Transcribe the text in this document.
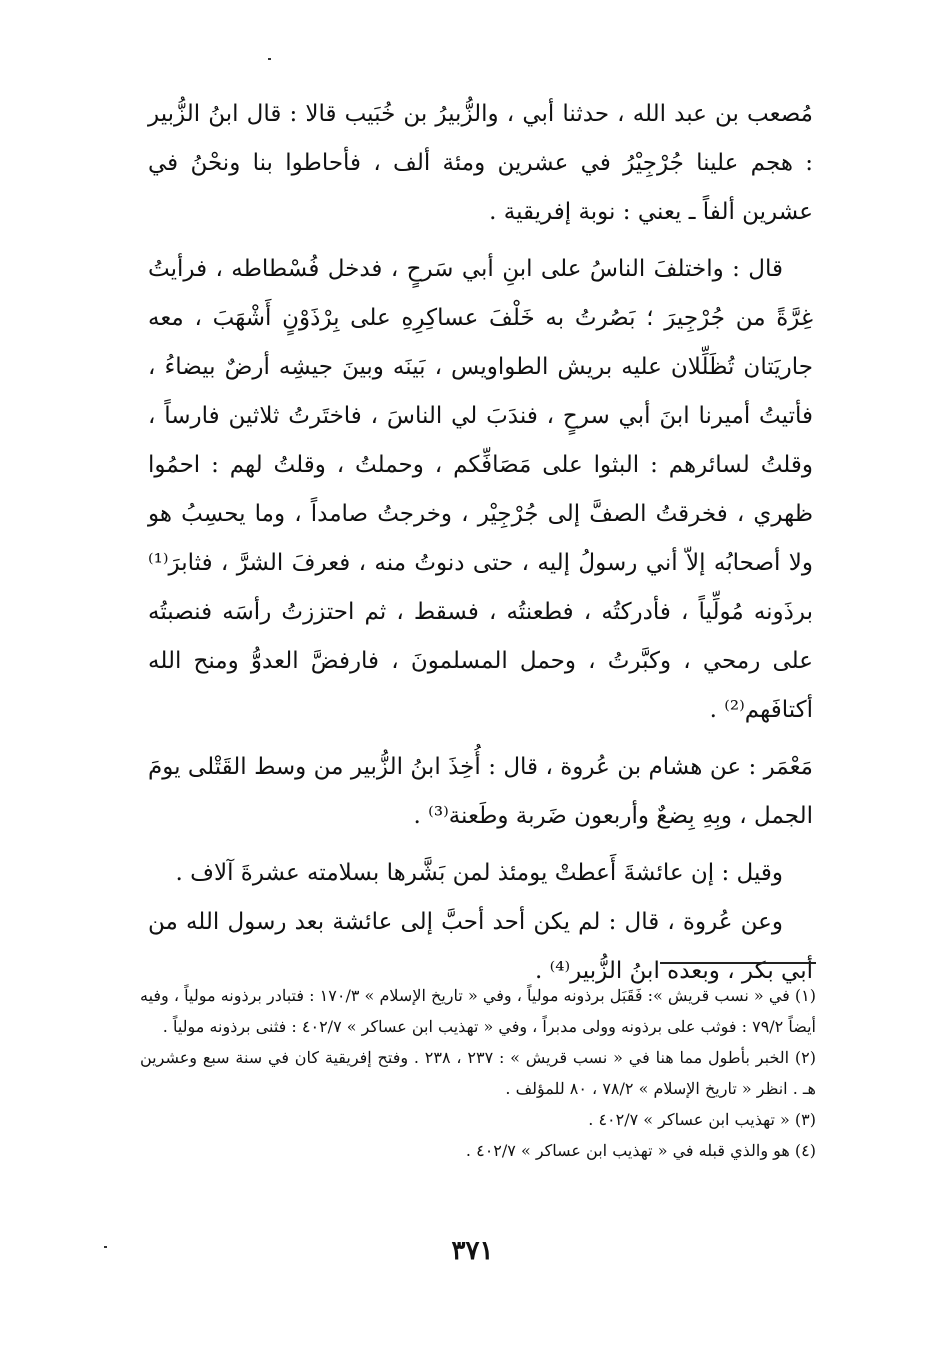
مُصعب بن عبد الله ، حدثنا أبي ، والزُّبيرُ بن خُبَيب قالا : قال ابنُ الزُّبير : هجم علينا جُرْجِيْرُ في عشرين ومئة ألف ، فأحاطوا بنا ونحْنُ في عشرين ألفاً ـ يعني : نوبة إفريقية .

قال : واختلفَ الناسُ على ابنِ أبي سَرحٍ ، فدخل فُسْطاطه ، فرأيتُ غِرَّةً من جُرْجِيرَ ؛ بَصُرتُ به خَلْفَ عساكِرِهِ على بِرْذَوْنٍ أَشْهَبَ ، معه جاريَتان تُظَلِّلان عليه بريش الطواويس ، بَينَه وبينَ جيشِه أرضٌ بيضاءُ ، فأتيتُ أميرنا ابنَ أبي سرحٍ ، فندَبَ لي الناسَ ، فاختَرتُ ثلاثين فارساً ، وقلتُ لسائرهم : البثوا على مَصَافِّكم ، وحملتُ ، وقلتُ لهم : احمُوا ظهري ، فخرقتُ الصفَّ إلى جُرْجِيْر ، وخرجتُ صامداً ، وما يحسِبُ هو ولا أصحابُه إلاّ أني رسولُ إليه ، حتى دنوتُ منه ، فعرفَ الشرَّ ، فثابرَ⁽¹⁾ برذَونه مُولِّياً ، فأدركتُه ، فطعنتُه ، فسقط ، ثم احتززتُ رأسَه فنصبتُه على رمحي ، وكبَّرتُ ، وحمل المسلمونَ ، فارفضَّ العدوُّ ومنح الله أكتافَهم⁽²⁾ .

مَعْمَر : عن هشام بن عُروة ، قال : أُخِذَ ابنُ الزُّبير من وسط القَتْلى يومَ الجمل ، وبِهِ بِضعٌ وأربعون ضَربة وطَعنة⁽³⁾ .

وقيل : إن عائشةَ أَعطتْ يومئذ لمن بَشَّرها بسلامته عشرةَ آلاف .

وعن عُروة ، قال : لم يكن أحد أحبَّ إلى عائشة بعد رسول الله من أبي بكر ، وبعده ابنُ الزُّبير⁽⁴⁾ .

(١) في « نسب قريش »: فَقَبَل برذونه مولياً ، وفي « تاريخ الإسلام » ١٧٠/٣ : فتبادر برذونه مولياً ، وفيه أيضاً ٧٩/٢ : فوثب على برذونه وولى مدبراً ، وفي « تهذيب ابن عساكر » ٤٠٢/٧ : فثنى برذونه مولياً .

(٢) الخبر بأطول مما هنا في « نسب قريش » : ٢٣٧ ، ٢٣٨ . وفتح إفريقية كان في سنة سبع وعشرين هـ . انظر « تاريخ الإسلام » ٧٨/٢ ، ٨٠ للمؤلف .

(٣) « تهذيب ابن عساكر » ٤٠٢/٧ .

(٤) هو والذي قبله في « تهذيب ابن عساكر » ٤٠٢/٧ .

٣٧١
